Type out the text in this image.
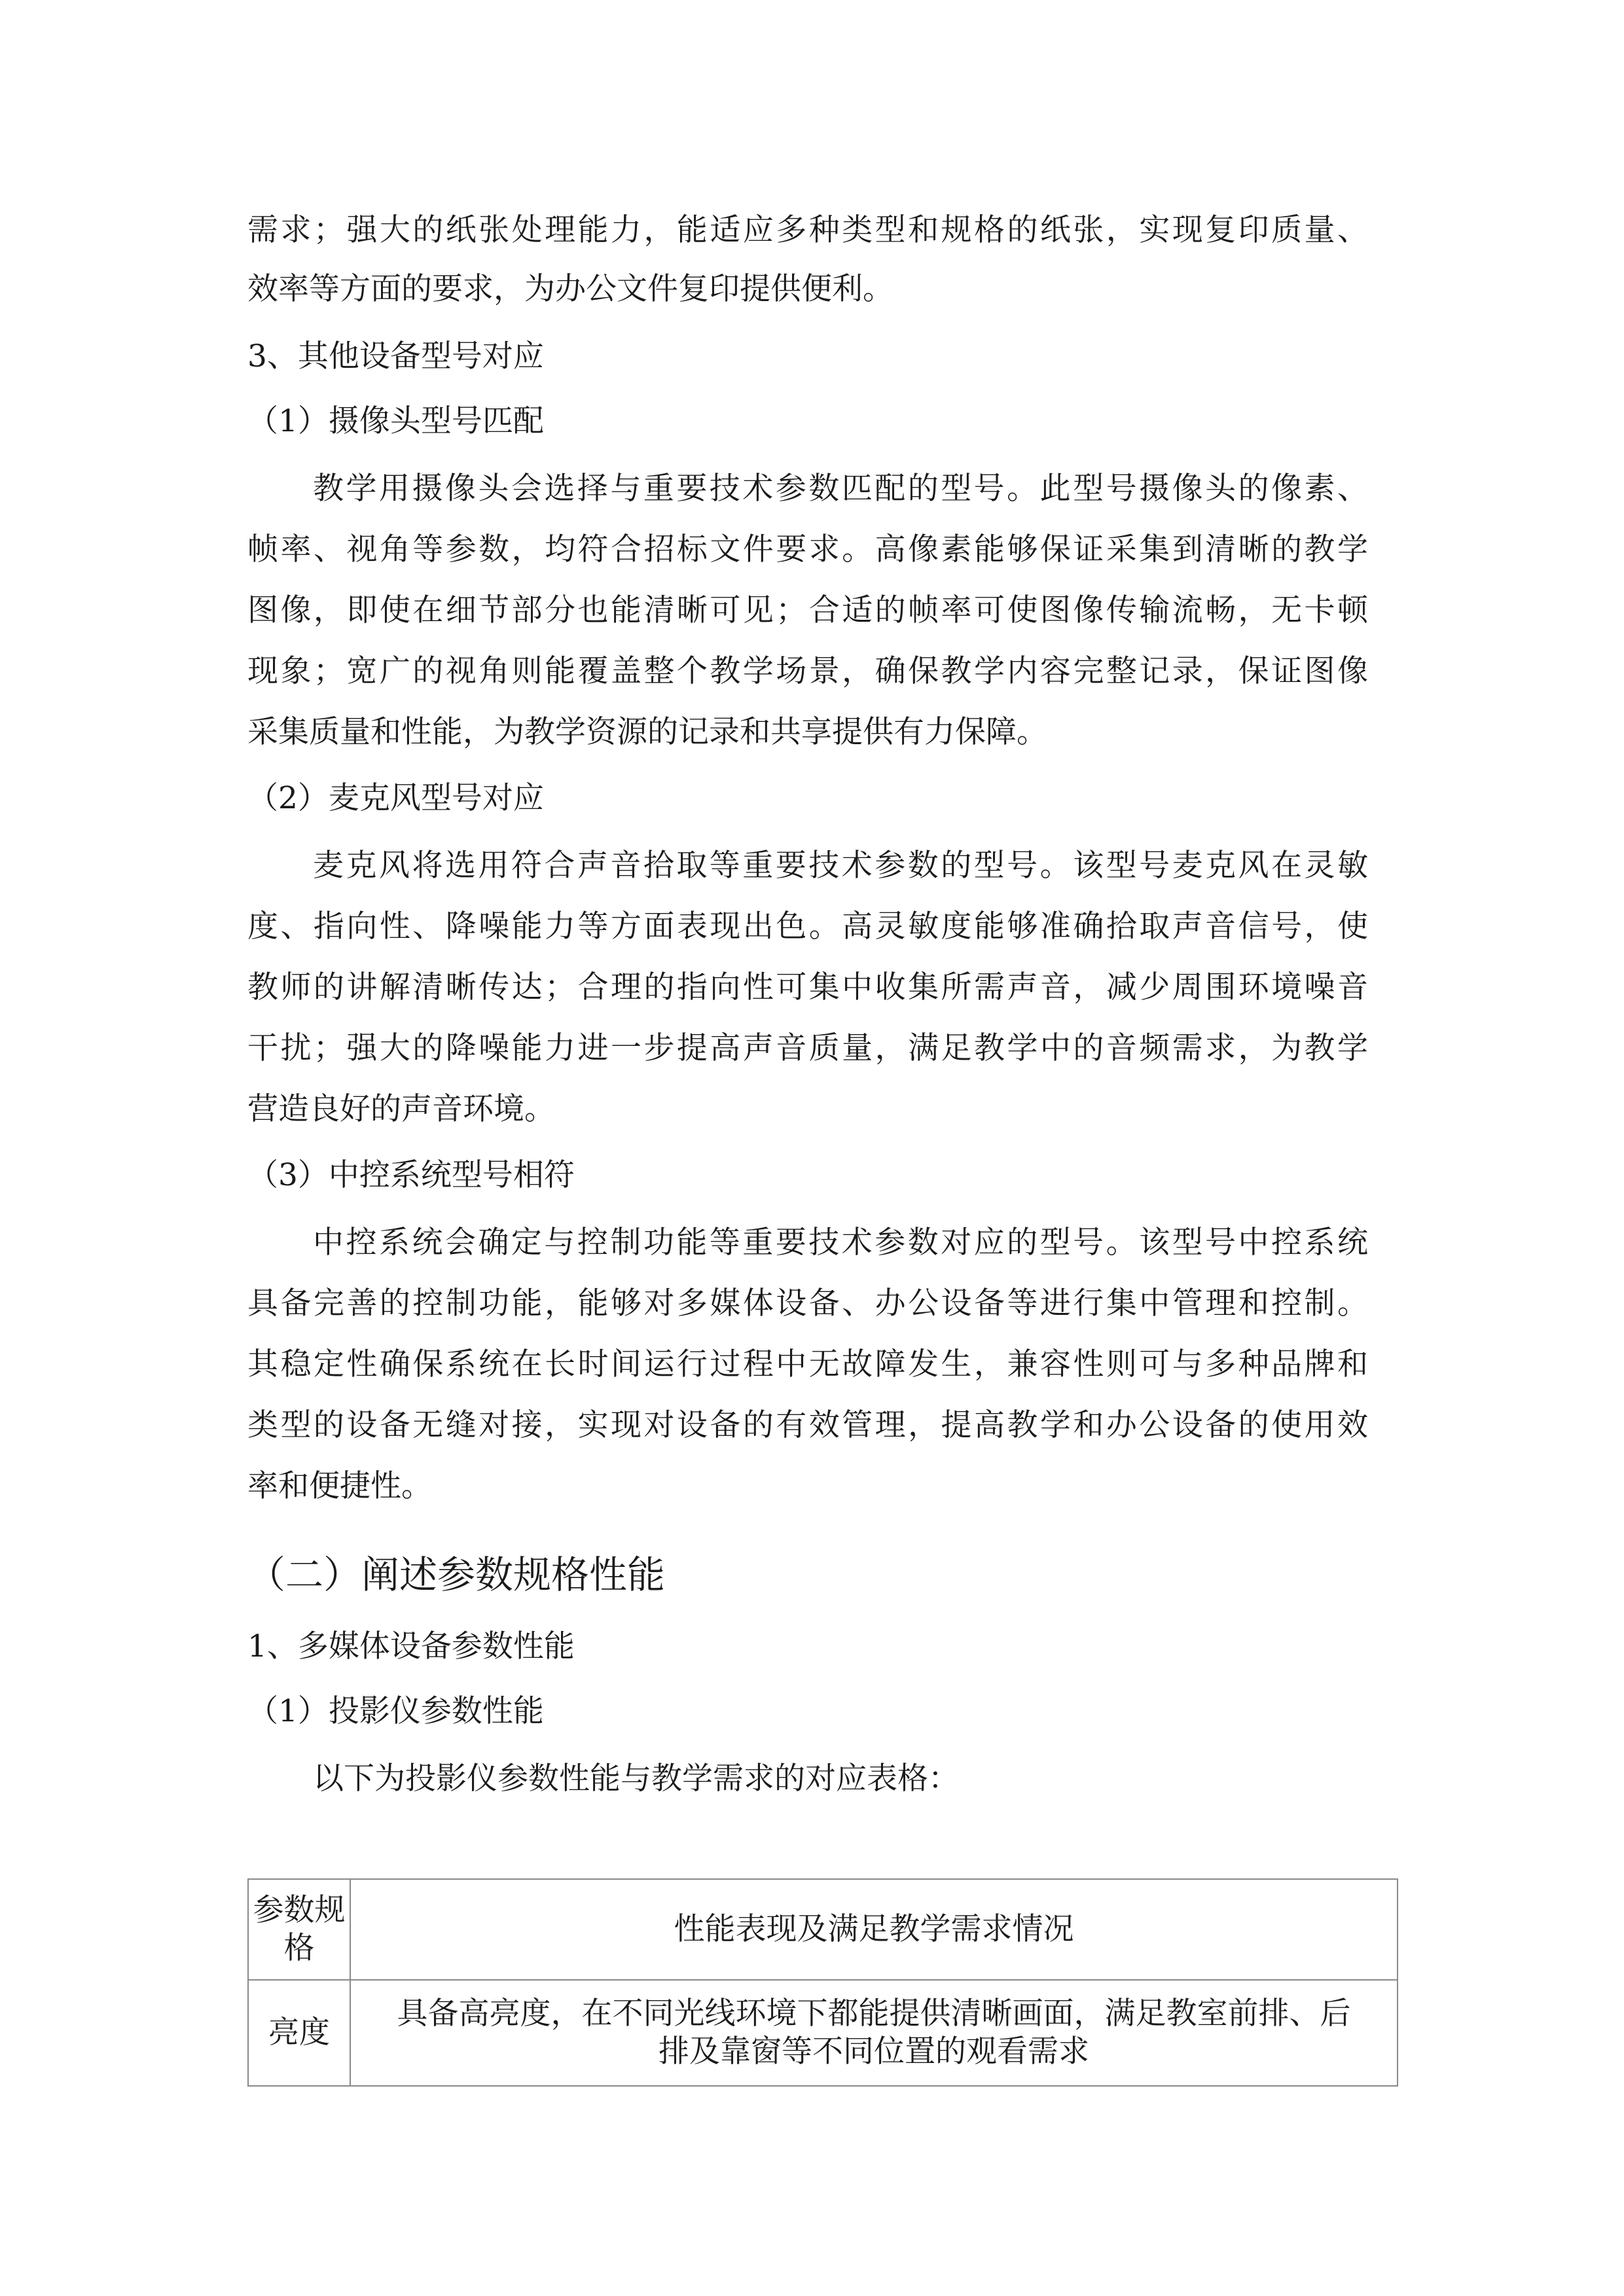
需求；强大的纸张处理能力，能适应多种类型和规格的纸张，实现复印质量、

效率等方面的要求，为办公文件复印提供便利。

3、其他设备型号对应

（1）摄像头型号匹配

教学用摄像头会选择与重要技术参数匹配的型号。此型号摄像头的像素、

帧率、视角等参数，均符合招标文件要求。高像素能够保证采集到清晰的教学

图像，即使在细节部分也能清晰可见；合适的帧率可使图像传输流畅，无卡顿

现象；宽广的视角则能覆盖整个教学场景，确保教学内容完整记录，保证图像

采集质量和性能，为教学资源的记录和共享提供有力保障。

（2）麦克风型号对应

麦克风将选用符合声音拾取等重要技术参数的型号。该型号麦克风在灵敏

度、指向性、降噪能力等方面表现出色。高灵敏度能够准确拾取声音信号，使

教师的讲解清晰传达；合理的指向性可集中收集所需声音，减少周围环境噪音

干扰；强大的降噪能力进一步提高声音质量，满足教学中的音频需求，为教学

营造良好的声音环境。

（3）中控系统型号相符

中控系统会确定与控制功能等重要技术参数对应的型号。该型号中控系统

具备完善的控制功能，能够对多媒体设备、办公设备等进行集中管理和控制。

其稳定性确保系统在长时间运行过程中无故障发生，兼容性则可与多种品牌和

类型的设备无缝对接，实现对设备的有效管理，提高教学和办公设备的使用效

率和便捷性。

（二）阐述参数规格性能

1、多媒体设备参数性能

（1）投影仪参数性能

以下为投影仪参数性能与教学需求的对应表格：

参数规
格	性能表现及满足教学需求情况
亮度	具备高亮度，在不同光线环境下都能提供清晰画面，满足教室前排、后
排及靠窗等不同位置的观看需求
